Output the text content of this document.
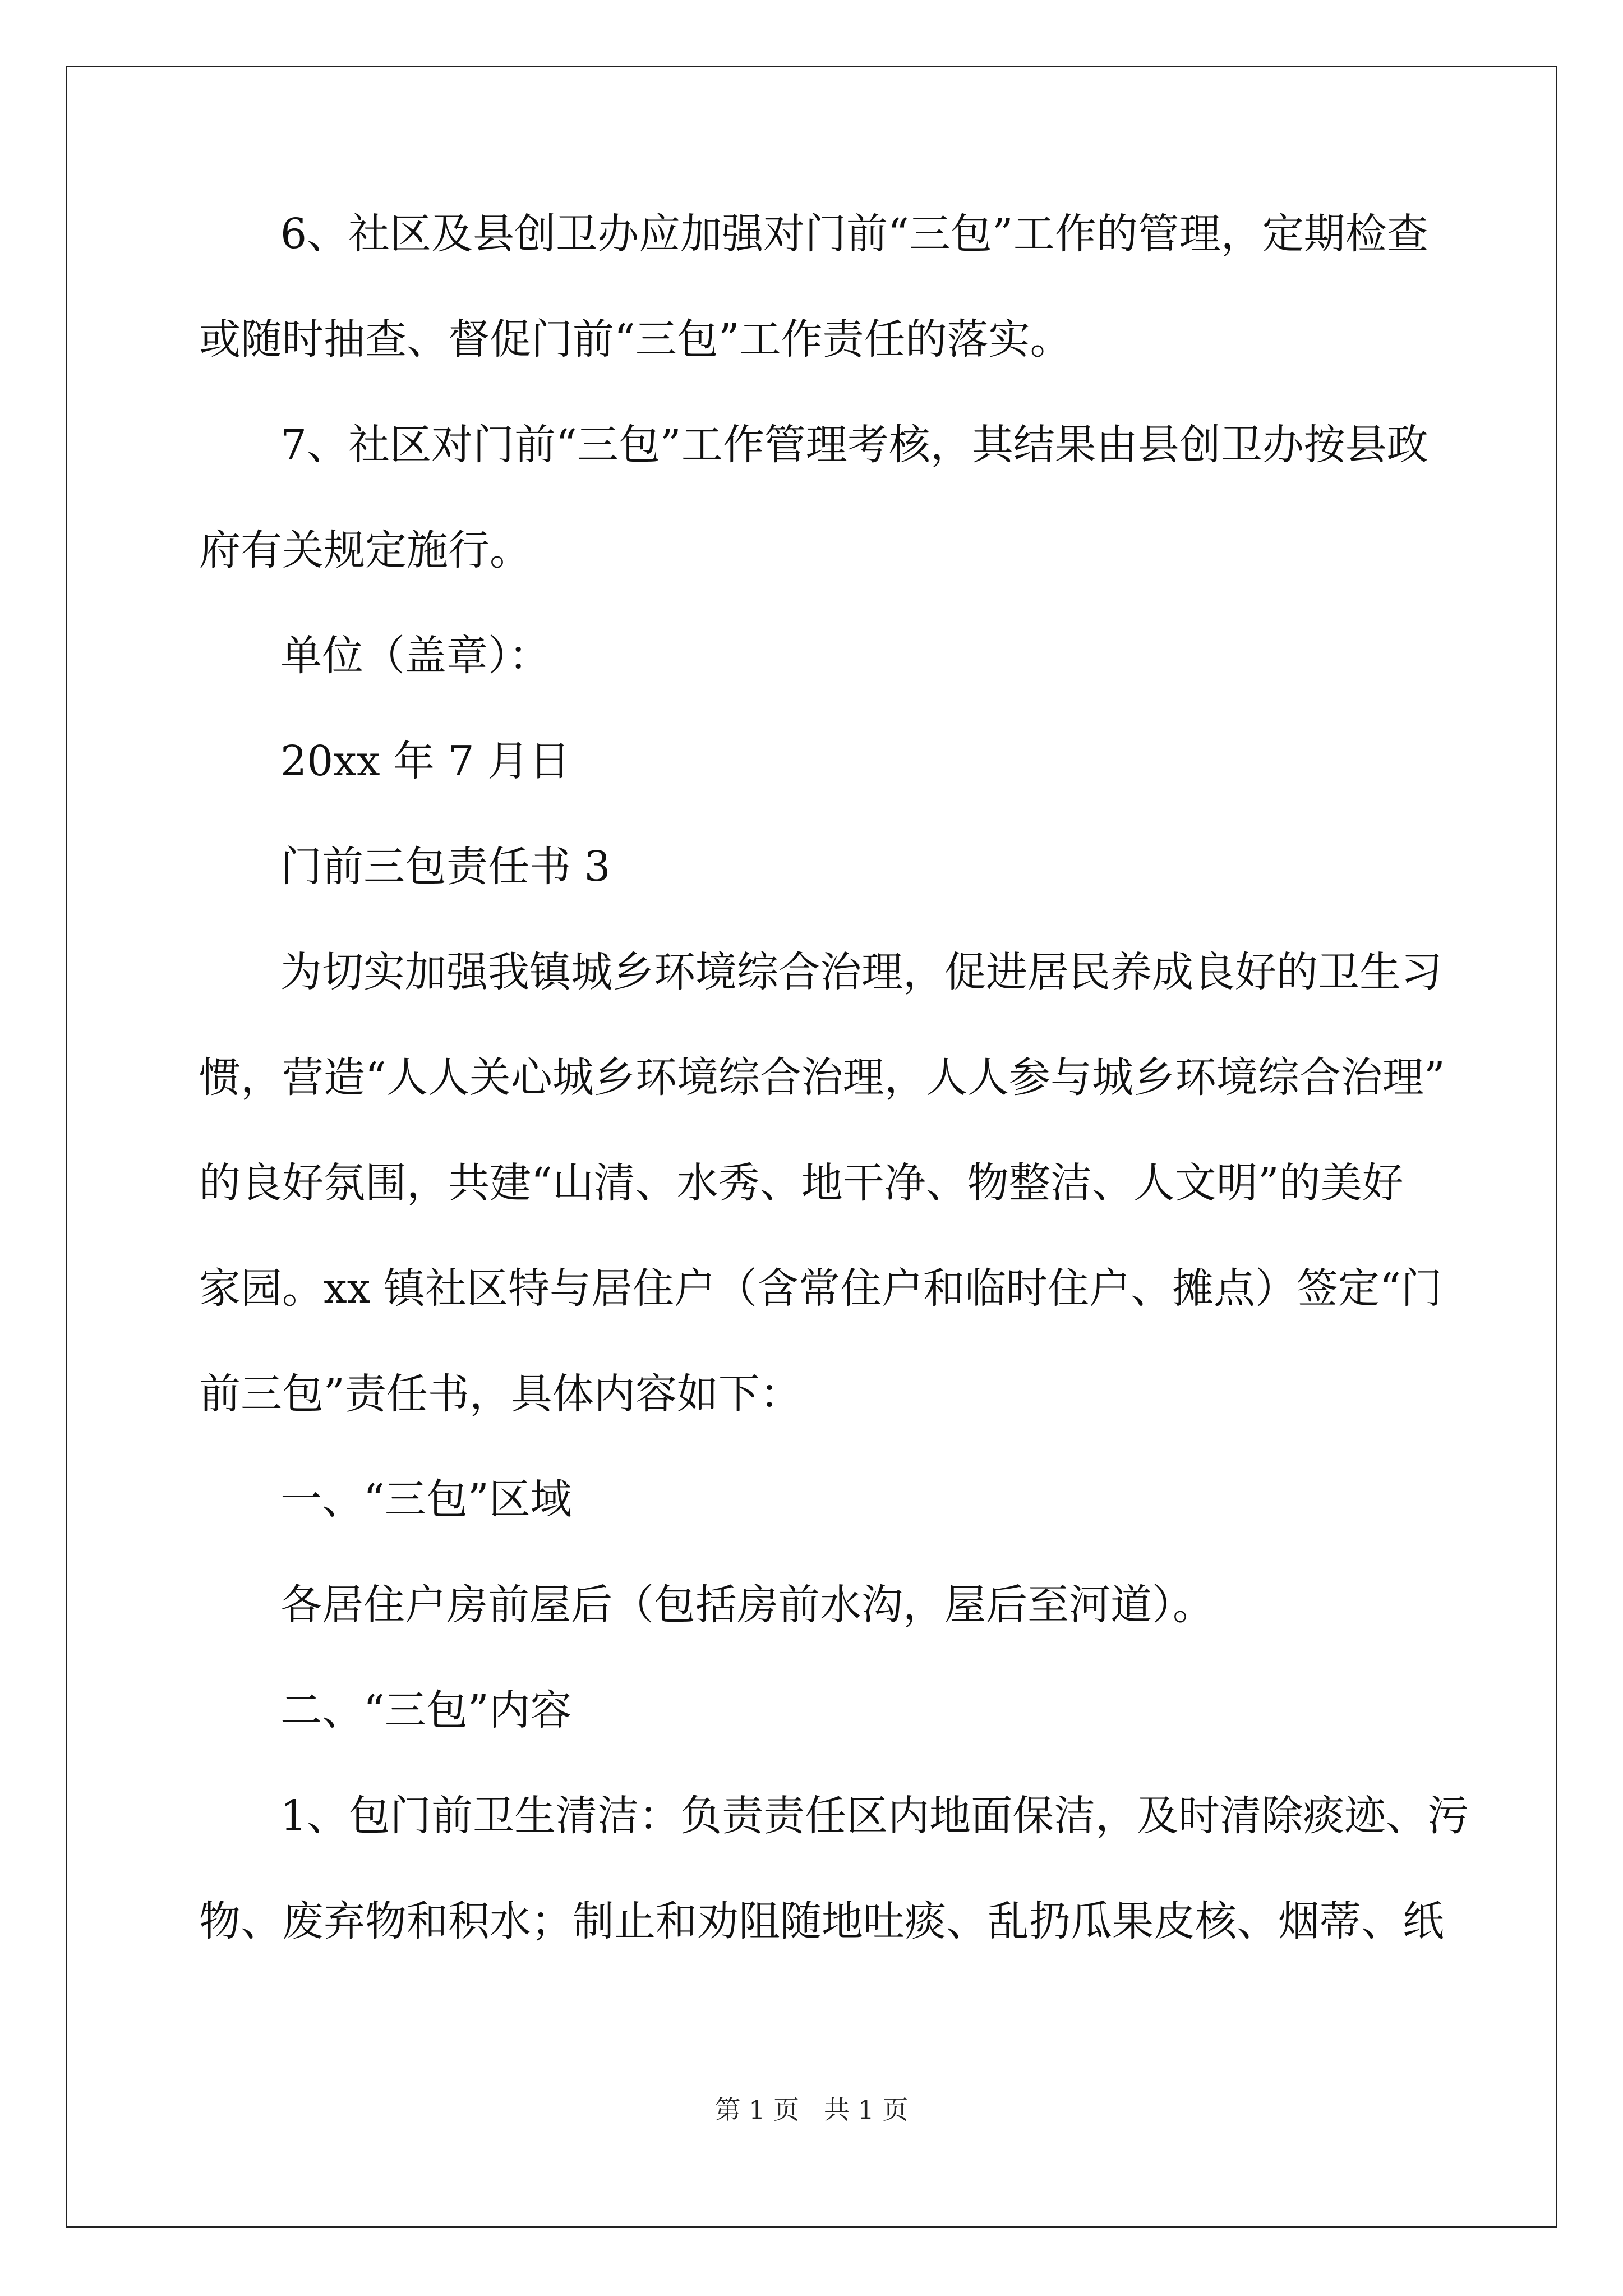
6、社区及县创卫办应加强对门前“三包”工作的管理，定期检查
或随时抽查、督促门前“三包”工作责任的落实。
7、社区对门前“三包”工作管理考核，其结果由县创卫办按县政
府有关规定施行。
单位（盖章）：
20xx 年 7 月日
门前三包责任书 3
为切实加强我镇城乡环境综合治理，促进居民养成良好的卫生习
惯，营造“人人关心城乡环境综合治理，人人参与城乡环境综合治理”
的良好氛围，共建“山清、水秀、地干净、物整洁、人文明”的美好
家园。xx 镇社区特与居住户（含常住户和临时住户、摊点）签定“门
前三包”责任书，具体内容如下：
一、“三包”区域
各居住户房前屋后（包括房前水沟，屋后至河道）。
二、“三包”内容
1、包门前卫生清洁：负责责任区内地面保洁，及时清除痰迹、污
物、废弃物和积水；制止和劝阻随地吐痰、乱扔瓜果皮核、烟蒂、纸
第 1 页 共 1 页
